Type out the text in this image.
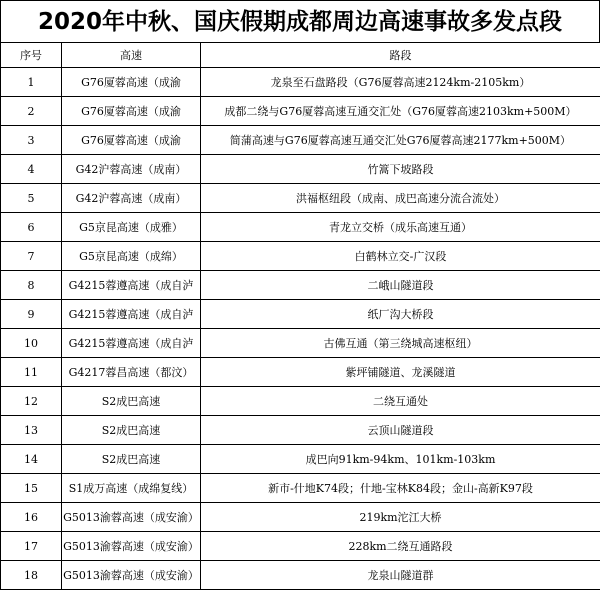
2020年中秋、国庆假期成都周边高速事故多发点段
序号	高速	路段
1	G76厦蓉高速（成渝	龙泉至石盘路段（G76厦蓉高速2124km-2105km）
2	G76厦蓉高速（成渝	成都二绕与G76厦蓉高速互通交汇处（G76厦蓉高速2103km+500M）
3	G76厦蓉高速（成渝	简蒲高速与G76厦蓉高速互通交汇处G76厦蓉高速2177km+500M）
4	G42沪蓉高速（成南）	竹篙下坡路段
5	G42沪蓉高速（成南）	洪福枢纽段（成南、成巴高速分流合流处）
6	G5京昆高速（成雅）	青龙立交桥（成乐高速互通）
7	G5京昆高速（成绵）	白鹤林立交-广汉段
8	G4215蓉遵高速（成自泸	二峨山隧道段
9	G4215蓉遵高速（成自泸	纸厂沟大桥段
10	G4215蓉遵高速（成自泸	古佛互通（第三绕城高速枢纽）
11	G4217蓉昌高速（都汶）	紫坪铺隧道、龙溪隧道
12	S2成巴高速	二绕互通处
13	S2成巴高速	云顶山隧道段
14	S2成巴高速	成巴向91km-94km、101km-103km
15	S1成万高速（成绵复线）	新市-什地K74段；什地-宝林K84段；金山-高新K97段
16	G5013渝蓉高速（成安渝）	219km沱江大桥
17	G5013渝蓉高速（成安渝）	228km二绕互通路段
18	G5013渝蓉高速（成安渝）	龙泉山隧道群
